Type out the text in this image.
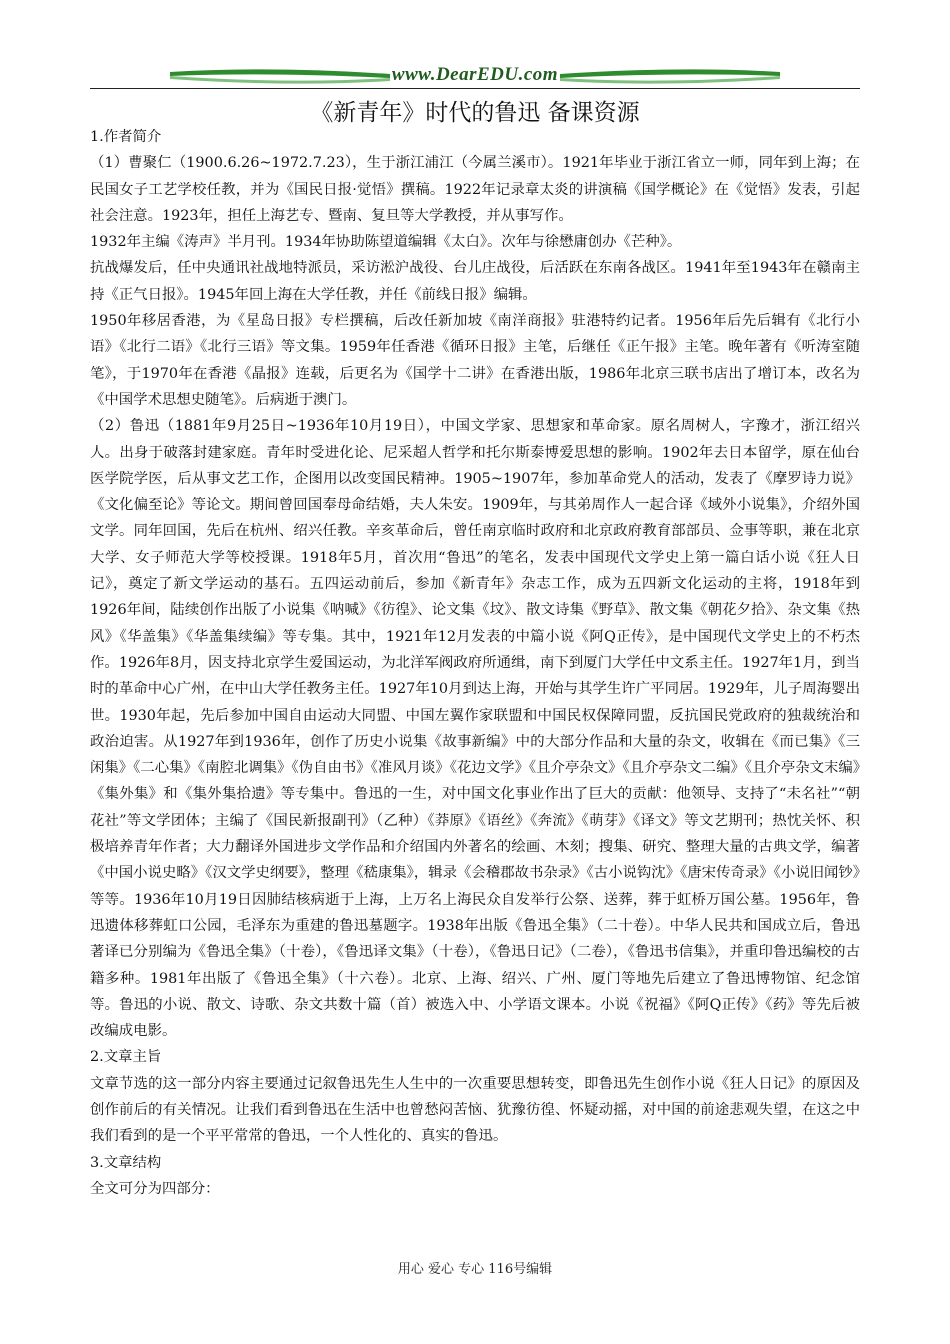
www.DearEDU.com
《新青年》时代的鲁迅 备课资源

1.作者简介

（1）曹聚仁（1900.6.26~1972.7.23），生于浙江浦江（今属兰溪市）。1921年毕业于浙江省立一师，同年到上海；在民国女子工艺学校任教，并为《国民日报·觉悟》撰稿。1922年记录章太炎的讲演稿《国学概论》在《觉悟》发表，引起社会注意。1923年，担任上海艺专、暨南、复旦等大学教授，并从事写作。

1932年主编《涛声》半月刊。1934年协助陈望道编辑《太白》。次年与徐懋庸创办《芒种》。

抗战爆发后，任中央通讯社战地特派员，采访淞沪战役、台儿庄战役，后活跃在东南各战区。1941年至1943年在赣南主持《正气日报》。1945年回上海在大学任教，并任《前线日报》编辑。

1950年移居香港，为《星岛日报》专栏撰稿，后改任新加坡《南洋商报》驻港特约记者。1956年后先后辑有《北行小语》《北行二语》《北行三语》等文集。1959年任香港《循环日报》主笔，后继任《正午报》主笔。晚年著有《听涛室随笔》，于1970年在香港《晶报》连载，后更名为《国学十二讲》在香港出版，1986年北京三联书店出了增订本，改名为《中国学术思想史随笔》。后病逝于澳门。

（2）鲁迅（1881年9月25日~1936年10月19日），中国文学家、思想家和革命家。原名周树人，字豫才，浙江绍兴人。出身于破落封建家庭。青年时受进化论、尼采超人哲学和托尔斯泰博爱思想的影响。1902年去日本留学，原在仙台医学院学医，后从事文艺工作，企图用以改变国民精神。1905~1907年，参加革命党人的活动，发表了《摩罗诗力说》《文化偏至论》等论文。期间曾回国奉母命结婚，夫人朱安。1909年，与其弟周作人一起合译《域外小说集》，介绍外国文学。同年回国，先后在杭州、绍兴任教。辛亥革命后，曾任南京临时政府和北京政府教育部部员、佥事等职，兼在北京大学、女子师范大学等校授课。1918年5月，首次用“鲁迅”的笔名，发表中国现代文学史上第一篇白话小说《狂人日记》，奠定了新文学运动的基石。五四运动前后，参加《新青年》杂志工作，成为五四新文化运动的主将，1918年到1926年间，陆续创作出版了小说集《呐喊》《彷徨》、论文集《坟》、散文诗集《野草》、散文集《朝花夕拾》、杂文集《热风》《华盖集》《华盖集续编》等专集。其中，1921年12月发表的中篇小说《阿Q正传》，是中国现代文学史上的不朽杰作。1926年8月，因支持北京学生爱国运动，为北洋军阀政府所通缉，南下到厦门大学任中文系主任。1927年1月，到当时的革命中心广州，在中山大学任教务主任。1927年10月到达上海，开始与其学生许广平同居。1929年，儿子周海婴出世。1930年起，先后参加中国自由运动大同盟、中国左翼作家联盟和中国民权保障同盟，反抗国民党政府的独裁统治和政治迫害。从1927年到1936年，创作了历史小说集《故事新编》中的大部分作品和大量的杂文，收辑在《而已集》《三闲集》《二心集》《南腔北调集》《伪自由书》《准风月谈》《花边文学》《且介亭杂文》《且介亭杂文二编》《且介亭杂文末编》《集外集》和《集外集拾遗》等专集中。鲁迅的一生，对中国文化事业作出了巨大的贡献：他领导、支持了“未名社”“朝花社”等文学团体；主编了《国民新报副刊》（乙种）《莽原》《语丝》《奔流》《萌芽》《译文》等文艺期刊；热忱关怀、积极培养青年作者；大力翻译外国进步文学作品和介绍国内外著名的绘画、木刻；搜集、研究、整理大量的古典文学，编著《中国小说史略》《汉文学史纲要》，整理《嵇康集》，辑录《会稽郡故书杂录》《古小说钩沈》《唐宋传奇录》《小说旧闻钞》等等。1936年10月19日因肺结核病逝于上海，上万名上海民众自发举行公祭、送葬，葬于虹桥万国公墓。1956年，鲁迅遗体移葬虹口公园，毛泽东为重建的鲁迅墓题字。1938年出版《鲁迅全集》（二十卷）。中华人民共和国成立后，鲁迅著译已分别编为《鲁迅全集》（十卷），《鲁迅译文集》（十卷），《鲁迅日记》（二卷），《鲁迅书信集》，并重印鲁迅编校的古籍多种。1981年出版了《鲁迅全集》（十六卷）。北京、上海、绍兴、广州、厦门等地先后建立了鲁迅博物馆、纪念馆等。鲁迅的小说、散文、诗歌、杂文共数十篇（首）被选入中、小学语文课本。小说《祝福》《阿Q正传》《药》等先后被改编成电影。

2.文章主旨

文章节选的这一部分内容主要通过记叙鲁迅先生人生中的一次重要思想转变，即鲁迅先生创作小说《狂人日记》的原因及创作前后的有关情况。让我们看到鲁迅在生活中也曾愁闷苦恼、犹豫彷徨、怀疑动摇，对中国的前途悲观失望，在这之中我们看到的是一个平平常常的鲁迅，一个人性化的、真实的鲁迅。

3.文章结构

全文可分为四部分：

用心 爱心 专心 116号编辑
